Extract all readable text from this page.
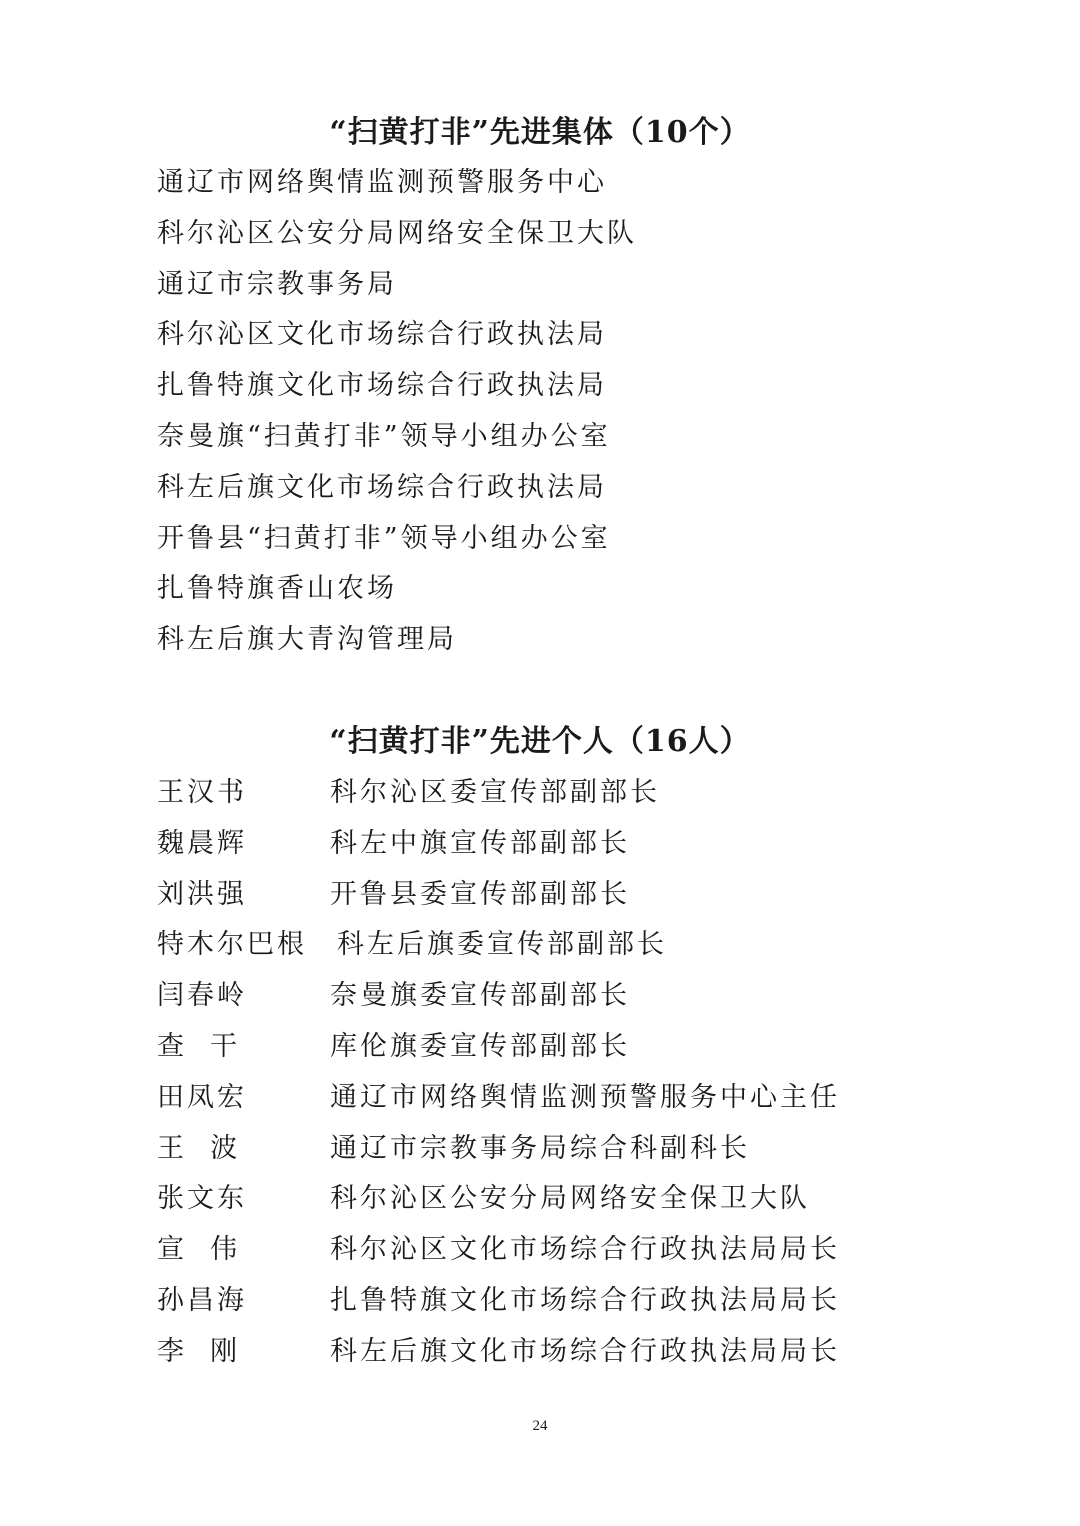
“扫黄打非”先进集体（10个）
通辽市网络舆情监测预警服务中心
科尔沁区公安分局网络安全保卫大队
通辽市宗教事务局
科尔沁区文化市场综合行政执法局
扎鲁特旗文化市场综合行政执法局
奈曼旗“扫黄打非”领导小组办公室
科左后旗文化市场综合行政执法局
开鲁县“扫黄打非”领导小组办公室
扎鲁特旗香山农场
科左后旗大青沟管理局
“扫黄打非”先进个人（16人）
王汉书	科尔沁区委宣传部副部长
魏晨辉	科左中旗宣传部副部长
刘洪强	开鲁县委宣传部副部长
特木尔巴根	科左后旗委宣传部副部长
闫春岭	奈曼旗委宣传部副部长
查  干	库伦旗委宣传部副部长
田凤宏	通辽市网络舆情监测预警服务中心主任
王  波	通辽市宗教事务局综合科副科长
张文东	科尔沁区公安分局网络安全保卫大队
宣  伟	科尔沁区文化市场综合行政执法局局长
孙昌海	扎鲁特旗文化市场综合行政执法局局长
李  刚	科左后旗文化市场综合行政执法局局长
24
